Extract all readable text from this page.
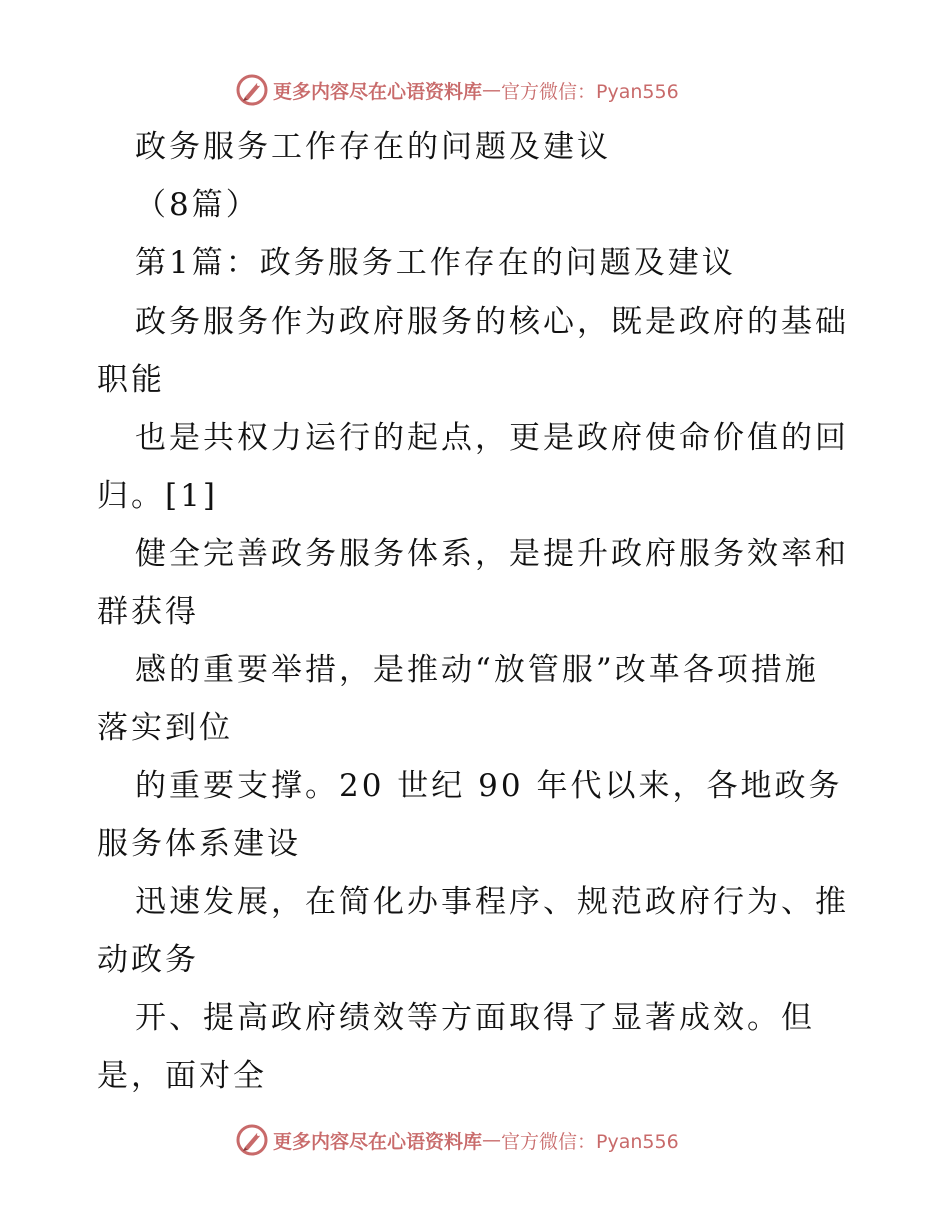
更多内容尽在心语资料库 — 官方微信：Pyan556
政务服务工作存在的问题及建议
（8篇）
第1篇：政务服务工作存在的问题及建议
政务服务作为政府服务的核心，既是政府的基础
职能
也是共权力运行的起点，更是政府使命价值的回
归。[1]
健全完善政务服务体系，是提升政府服务效率和
群获得
感的重要举措，是推动“放管服”改革各项措施
落实到位
的重要支撑。20 世纪 90 年代以来，各地政务
服务体系建设
迅速发展，在简化办事程序、规范政府行为、推
动政务
开、提高政府绩效等方面取得了显著成效。但
是，面对全
更多内容尽在心语资料库 — 官方微信：Pyan556
